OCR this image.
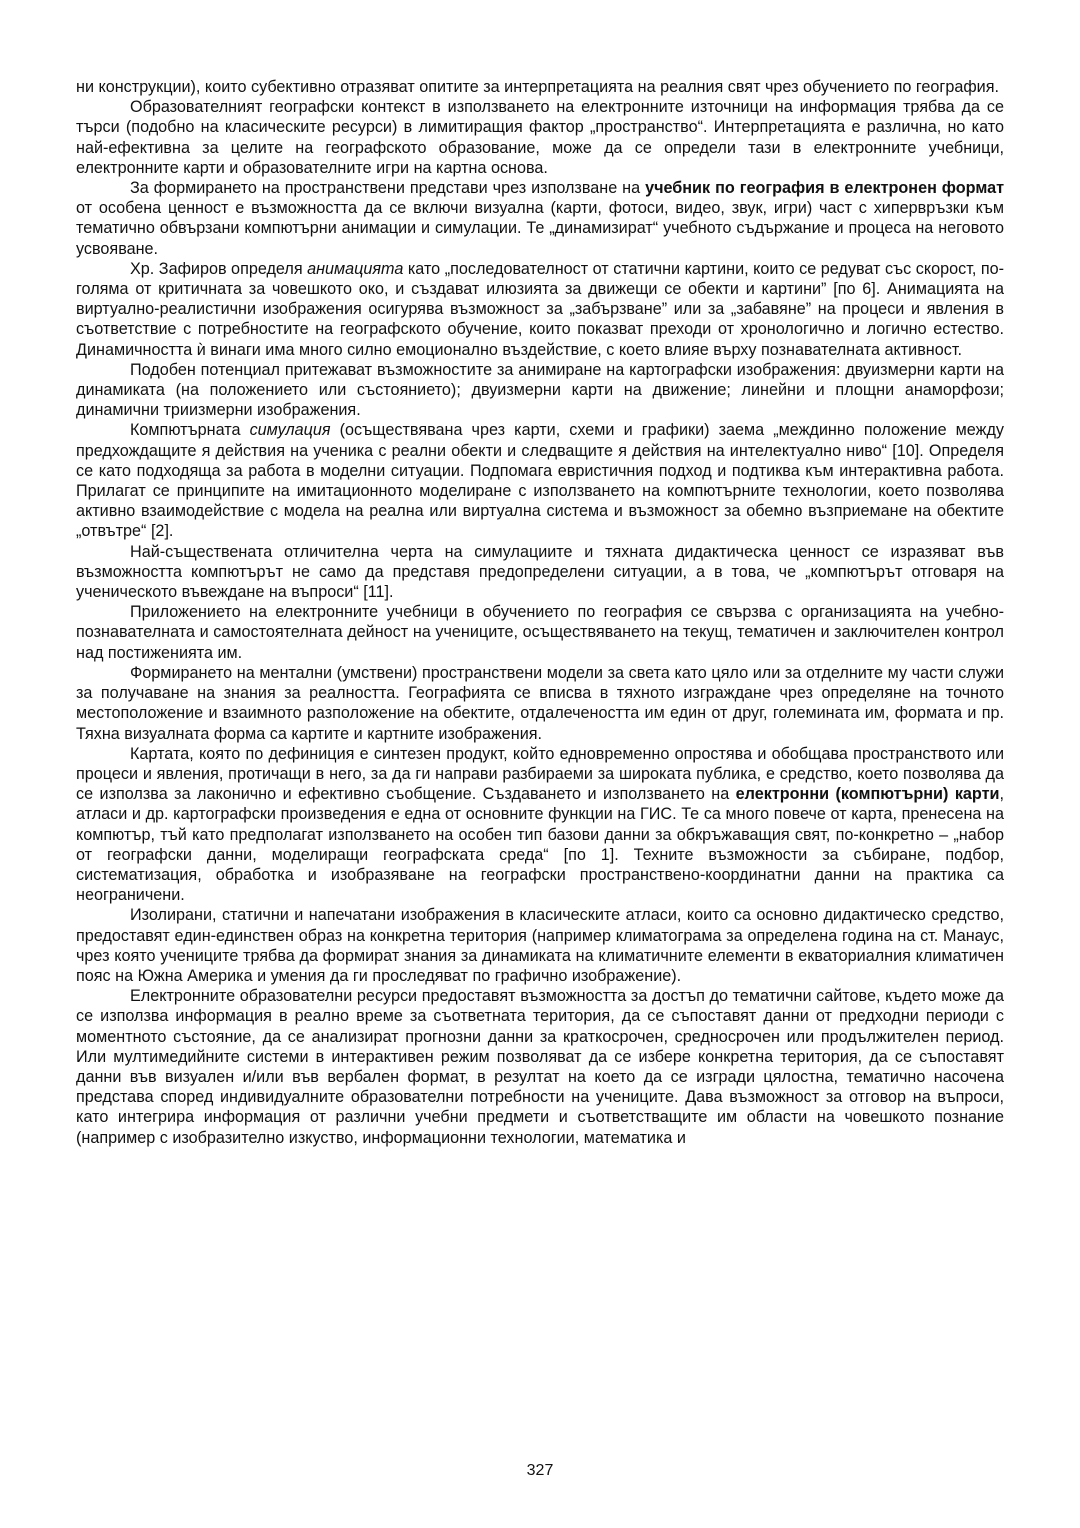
ни конструкции), които субективно отразяват опитите за интерпретацията на реалния свят чрез обучението по география.

Образователният географски контекст в използването на електронните източници на информация трябва да се търси (подобно на класическите ресурси) в лимитиращия фактор „пространство“. Интерпретацията е различна, но като най-ефективна за целите на географското образование, може да се определи тази в електронните учебници, електронните карти и образователните игри на картна основа.

За формирането на пространствени представи чрез използване на учебник по география в електронен формат от особена ценност е възможността да се включи визуална (карти, фотоси, видео, звук, игри) част с хипервръзки към тематично обвързани компютърни анимации и симулации. Те „динамизират“ учебното съдържание и процеса на неговото усвояване.

Хр. Зафиров определя анимацията като „последователност от статични картини, които се редуват със скорост, по-голяма от критичната за човешкото око, и създават илюзията за движещи се обекти и картини” [по 6]. Анимацията на виртуално-реалистични изображения осигурява възможност за „забързване” или за „забавяне” на процеси и явления в съответствие с потребностите на географското обучение, които показват преходи от хронологично и логично естество. Динамичността ѝ винаги има много силно емоционално въздействие, с което влияе върху познавателната активност.

Подобен потенциал притежават възможностите за анимиране на картографски изображения: двуизмерни карти на динамиката (на положението или състоянието); двуизмерни карти на движение; линейни и площни анаморфози; динамични триизмерни изображения.

Компютърната симулация (осъществявана чрез карти, схеми и графики) заема „междинно положение между предхождащите я действия на ученика с реални обекти и следващите я действия на интелектуално ниво“ [10]. Определя се като подходяща за работа в моделни ситуации. Подпомага евристичния подход и подтиква към интерактивна работа. Прилагат се принципите на имитационното моделиране с използването на компютърните технологии, което позволява активно взаимодействие с модела на реална или виртуална система и възможност за обемно възприемане на обектите „отвътре“ [2].

Най-съществената отличителна черта на симулациите и тяхната дидактическа ценност се изразяват във възможността компютърът не само да представя предопределени ситуации, а в това, че „компютърът отговаря на ученическото въвеждане на въпроси“ [11].

Приложението на електронните учебници в обучението по география се свързва с организацията на учебно-познавателната и самостоятелната дейност на учениците, осъществяването на текущ, тематичен и заключителен контрол над постиженията им.

Формирането на ментални (умствени) пространствени модели за света като цяло или за отделните му части служи за получаване на знания за реалността. Географията се вписва в тяхното изграждане чрез определяне на точното местоположение и взаимното разположение на обектите, отдалечеността им един от друг, големината им, формата и пр. Тяхна визуалната форма са картите и картните изображения.

Картата, която по дефиниция е синтезен продукт, който едновременно опростява и обобщава пространството или процеси и явления, протичащи в него, за да ги направи разбираеми за широката публика, е средство, което позволява да се използва за лаконично и ефективно съобщение. Създаването и използването на електронни (компютърни) карти, атласи и др. картографски произведения е една от основните функции на ГИС. Те са много повече от карта, пренесена на компютър, тъй като предполагат използването на особен тип базови данни за обкръжаващия свят, по-конкретно – „набор от географски данни, моделиращи географската среда“ [по 1]. Техните възможности за събиране, подбор, систематизация, обработка и изобразяване на географски пространствено-координатни данни на практика са неограничени.

Изолирани, статични и напечатани изображения в класическите атласи, които са основно дидактическо средство, предоставят един-единствен образ на конкретна територия (например климатограма за определена година на ст. Манаус, чрез която учениците трябва да формират знания за динамиката на климатичните елементи в екваториалния климатичен пояс на Южна Америка и умения да ги проследяват по графично изображение).

Електронните образователни ресурси предоставят възможността за достъп до тематични сайтове, където може да се използва информация в реално време за съответната територия, да се съпоставят данни от предходни периоди с моментното състояние, да се анализират прогнозни данни за краткосрочен, средносрочен или продължителен период. Или мултимедийните системи в интерактивен режим позволяват да се избере конкретна територия, да се съпоставят данни във визуален и/или във вербален формат, в резултат на което да се изгради цялостна, тематично насочена представа според индивидуалните образователни потребности на учениците. Дава възможност за отговор на въпроси, като интегрира информация от различни учебни предмети и съответстващите им области на човешкото познание (например с изобразително изкуство, информационни технологии, математика и

327
